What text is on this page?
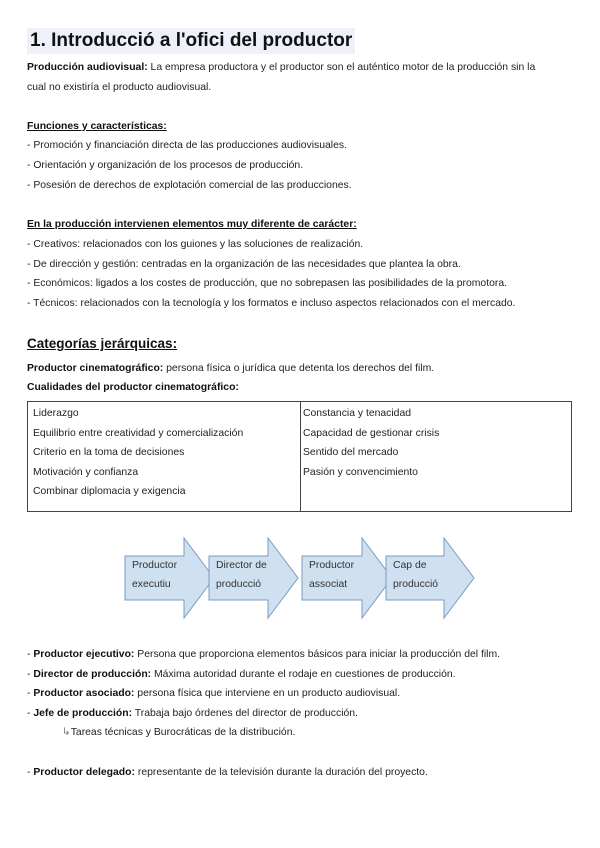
1. Introducció a l'ofici del productor
Producción audiovisual: La empresa productora y el productor son el auténtico motor de la producción sin la
cual no existiría el producto audiovisual.
Funciones y características:
- Promoción y financiación directa de las producciones audiovisuales.
- Orientación y organización de los procesos de producción.
- Posesión de derechos de explotación comercial de las producciones.
En la producción intervienen elementos muy diferente de carácter:
- Creativos: relacionados con los guiones y las soluciones de realización.
- De dirección y gestión: centradas en la organización de las necesidades que plantea la obra.
- Económicos: ligados a los costes de producción, que no sobrepasen las posibilidades de la promotora.
- Técnicos: relacionados con la tecnología y los formatos e incluso aspectos relacionados con el mercado.
Categorías jerárquicas:
Productor cinematográfico: persona física o jurídica que detenta los derechos del film.
Cualidades del productor cinematográfico:
Liderazgo
Equilibrio entre creatividad y comercialización
Criterio en la toma de decisiones
Motivación y confianza
Combinar diplomacia y exigencia
Constancia y tenacidad
Capacidad de gestionar crisis
Sentido del mercado
Pasión y convencimiento
Productor
executiu
Director de
producció
Productor
associat
Cap de
producció
- Productor ejecutivo: Persona que proporciona elementos básicos para iniciar la producción del film.
- Director de producción: Máxima autoridad durante el rodaje en cuestiones de producción.
- Productor asociado: persona física que interviene en un producto audiovisual.
- Jefe de producción: Trabaja bajo órdenes del director de producción.
↳Tareas técnicas y Burocráticas de la distribución.
- Productor delegado: representante de la televisión durante la duración del proyecto.
